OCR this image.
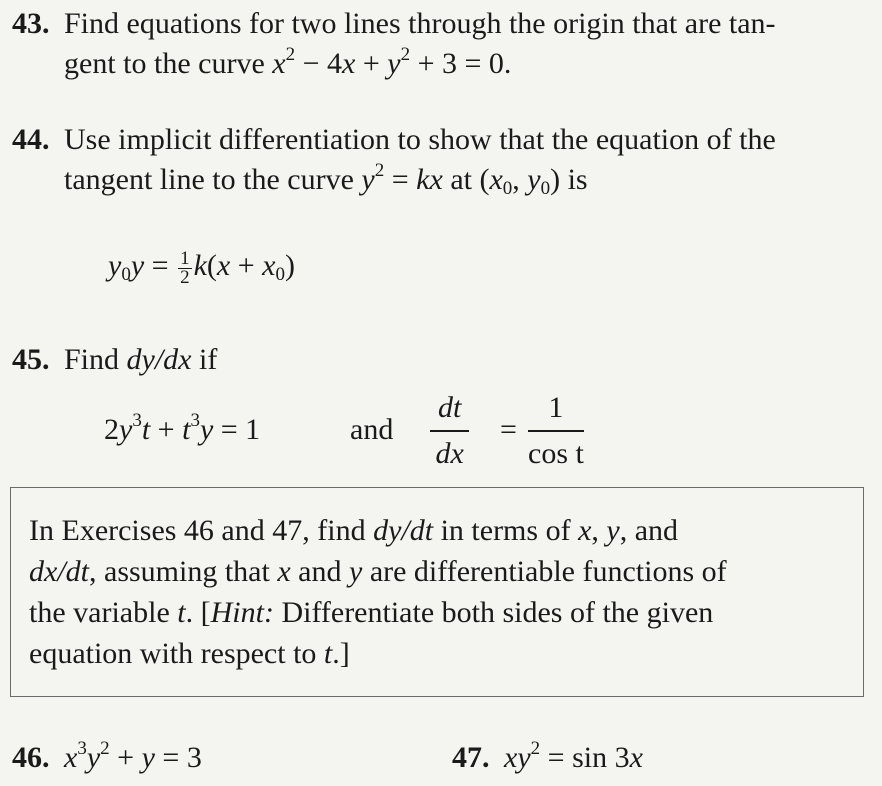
43. Find equations for two lines through the origin that are tan-
gent to the curve $x^2 - 4x + y^2 + 3 = 0$.
44. Use implicit differentiation to show that the equation of the
tangent line to the curve $y^2$ = kx at ($x_0$, $y_0$) is
$y_0y = \frac{1}{2} k(x + x_0)$
45. Find dy/dx if
$2y^3t + t^3y = 1$	and
dt
dx
=
1
cos t
In Exercises 46 and 47, find dy/dt in terms of x, y, and
dx/dt, assuming that x and y are differentiable functions of
the variable t. [Hint: Differentiate both sides of the given
equation with respect to t.]
46. $x^3y^2 + y = 3$	47. $xy^2 = \sin 3x$
